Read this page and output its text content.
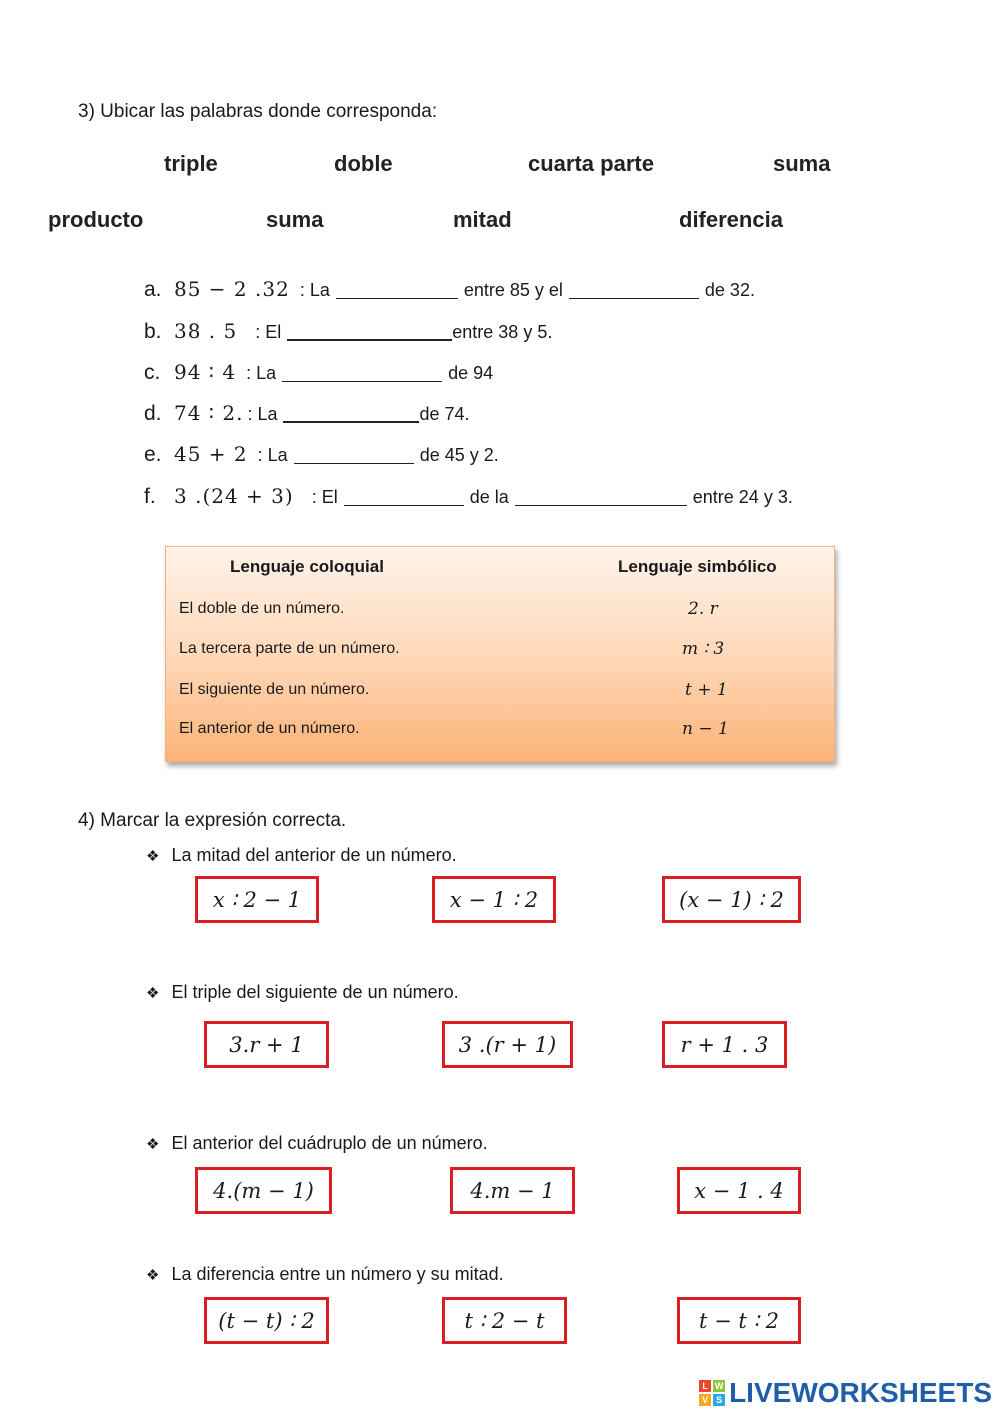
3) Ubicar las palabras donde corresponda:
triple	doble	cuarta parte	suma
producto	suma	mitad	diferencia
a. 85 − 2 .32 : La	entre 85 y el	de 32.
b. 38 . 5 : El	entre 38 y 5.
c. 94 ∶ 4 : La	de 94
d. 74 ∶ 2. : La	de 74.
e. 45 + 2 : La	de 45 y 2.
f. 3 .(24 + 3) : El	de la	entre 24 y 3.
Lenguaje coloquial	Lenguaje simbólico
El doble de un número.	2. r
La tercera parte de un número.	m ∶ 3
El siguiente de un número.	t + 1
El anterior de un número.	n − 1
4) Marcar la expresión correcta.
❖ La mitad del anterior de un número.
x ∶ 2 − 1	x − 1 ∶ 2	(x − 1) ∶ 2
❖ El triple del siguiente de un número.
3.r + 1	3 .(r + 1)	r + 1 . 3
❖ El anterior del cuádruplo de un número.
4.(m − 1)	4.m − 1	x − 1 . 4
❖ La diferencia entre un número y su mitad.
(t − t) ∶ 2	t ∶ 2 − t	t − t ∶ 2
L W
V S LIVEWORKSHEETS
